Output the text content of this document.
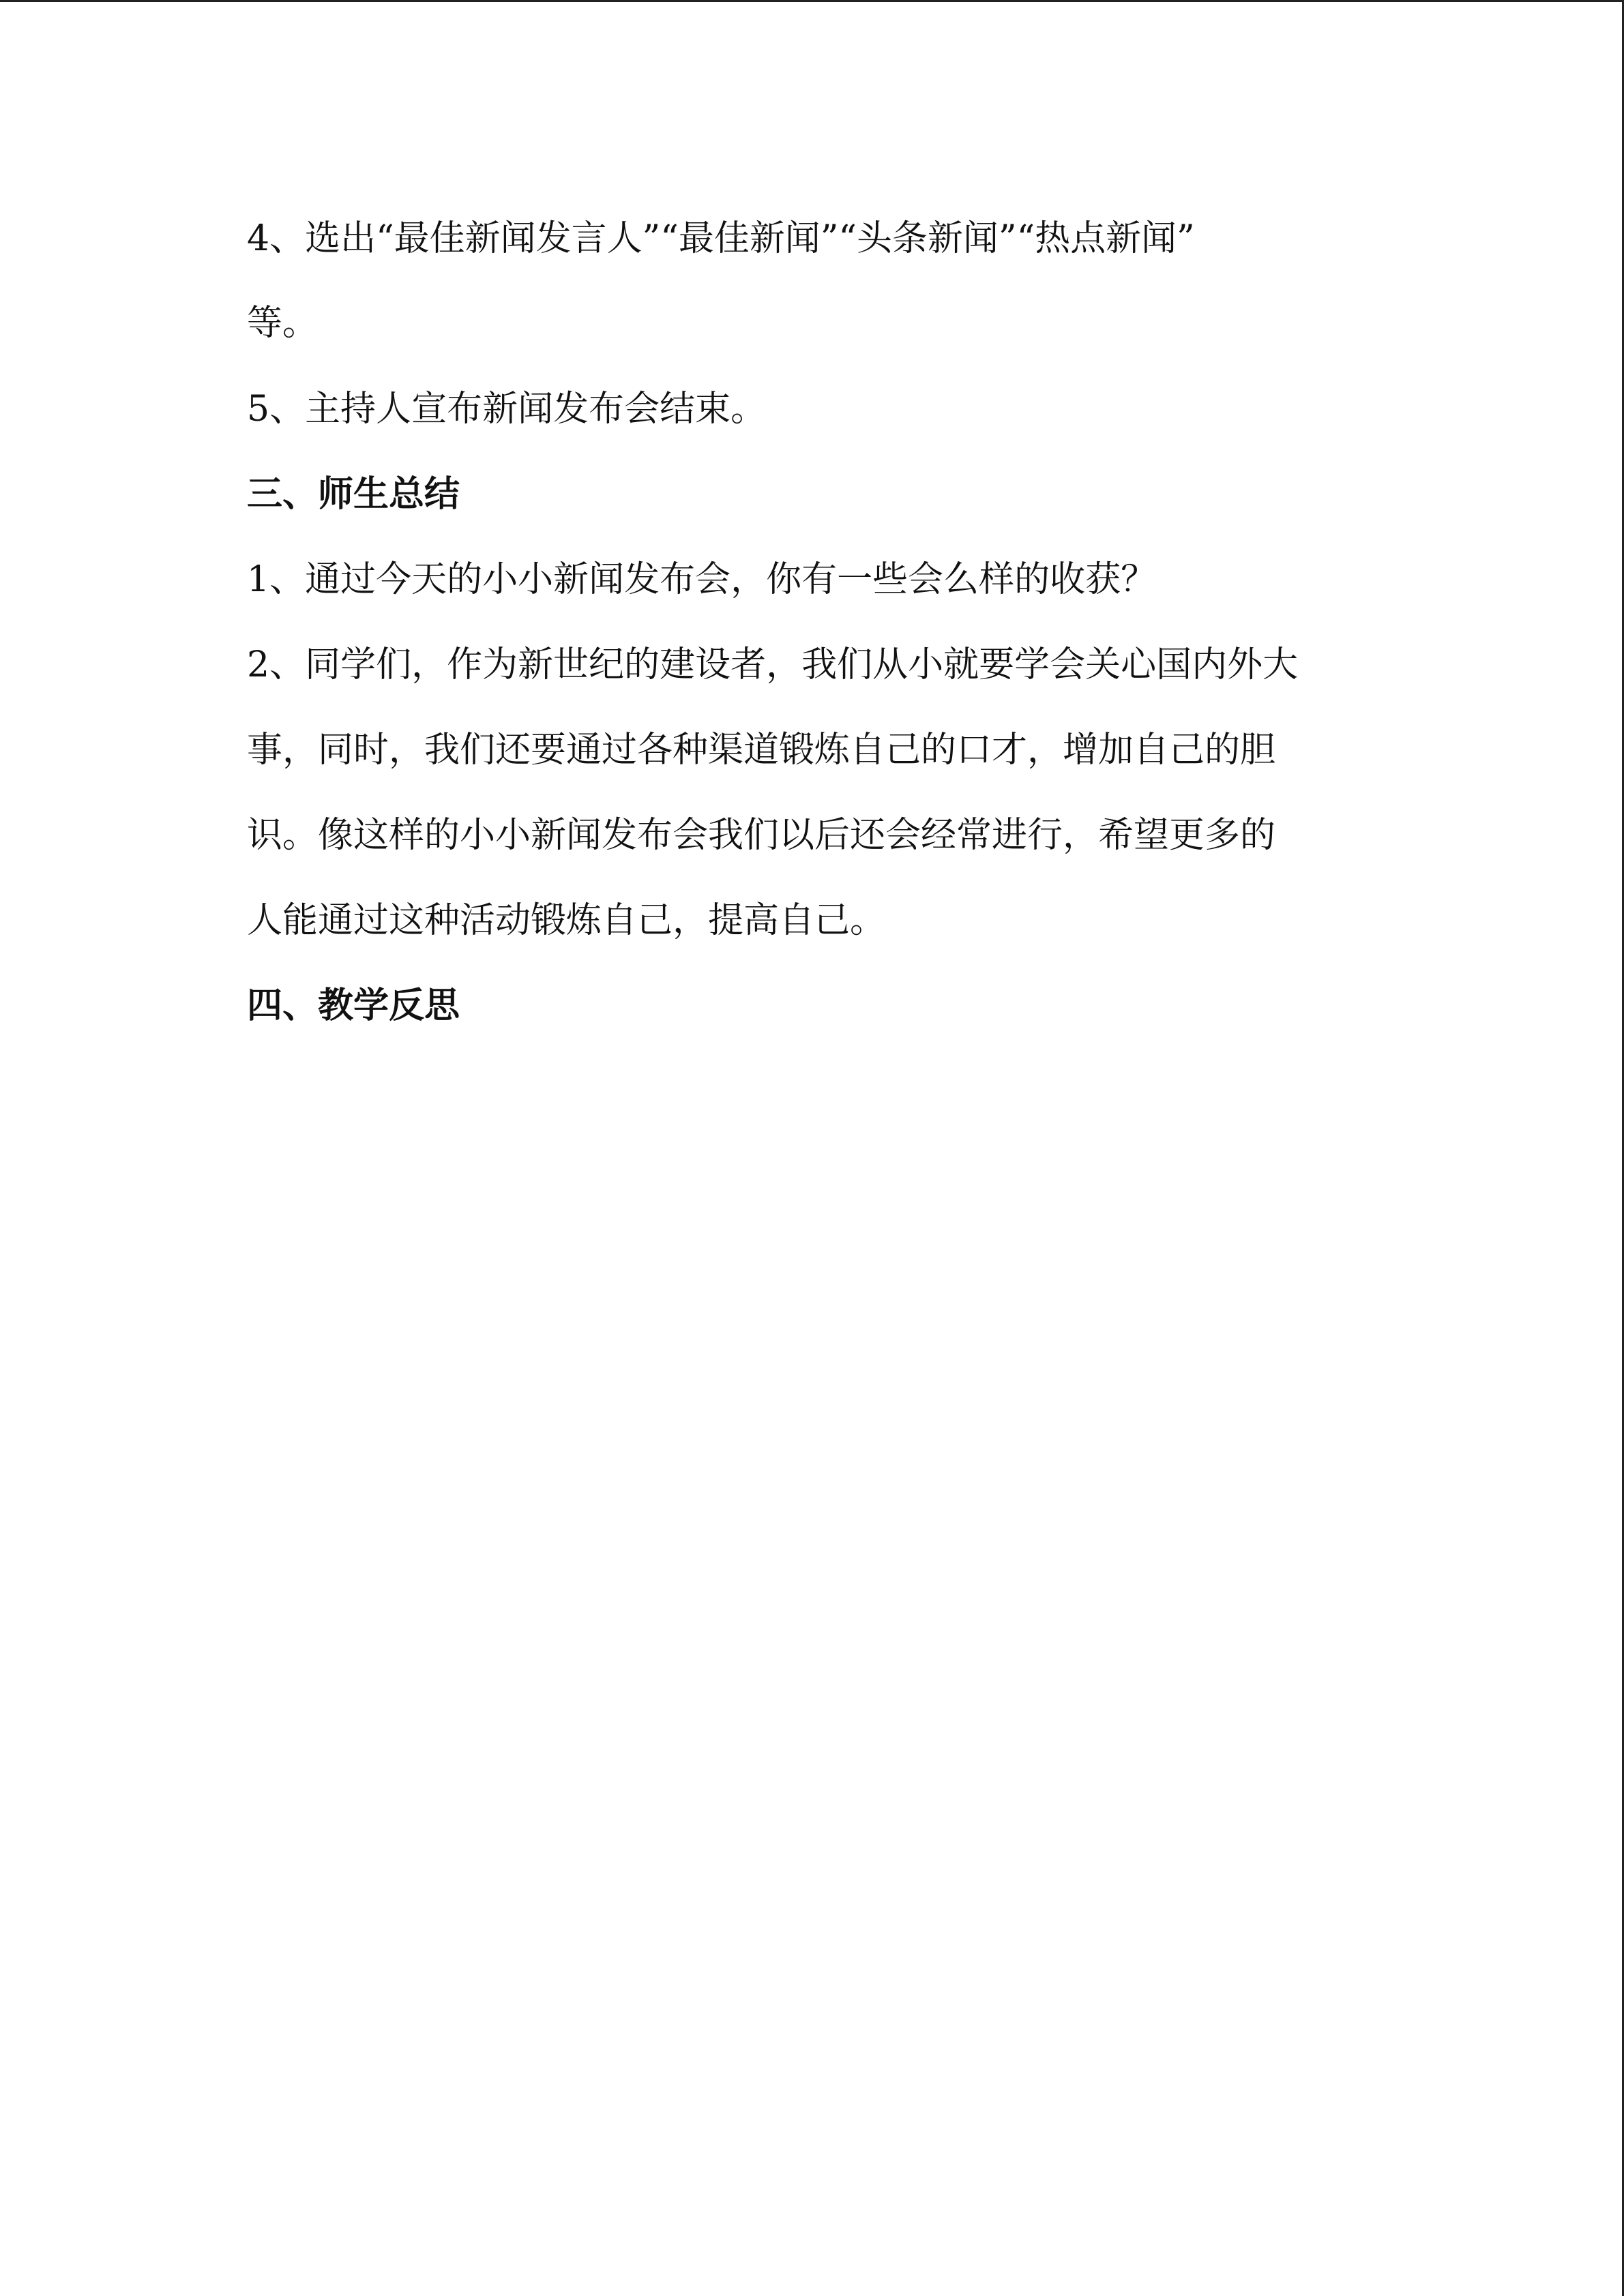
4、选出“最佳新闻发言人”“最佳新闻”“头条新闻”“热点新闻”
等。
5、主持人宣布新闻发布会结束。
三、师生总结
1、通过今天的小小新闻发布会，你有一些会么样的收获？
2、同学们，作为新世纪的建设者，我们从小就要学会关心国内外大
事，同时，我们还要通过各种渠道锻炼自己的口才，增加自己的胆
识。像这样的小小新闻发布会我们以后还会经常进行，希望更多的
人能通过这种活动锻炼自己，提高自己。
四、教学反思
